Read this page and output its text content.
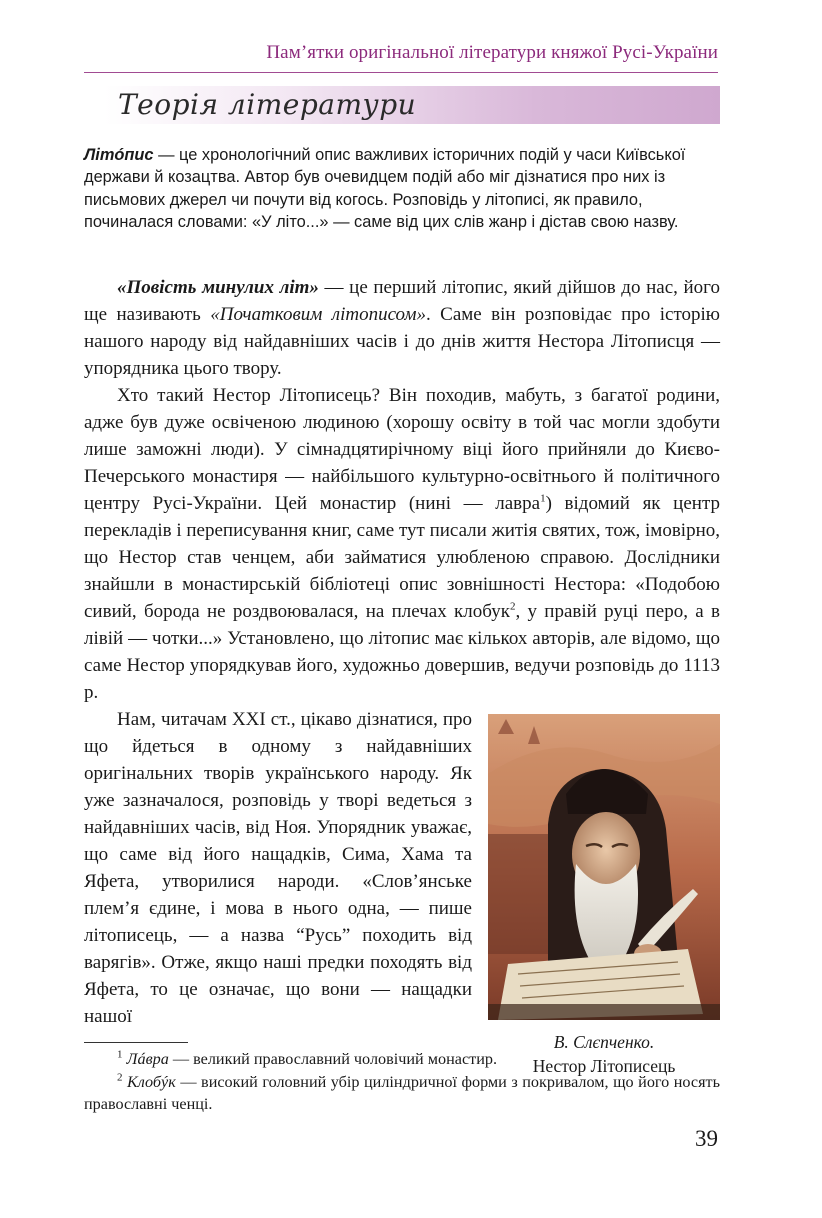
Пам’ятки оригінальної літератури княжої Русі-України
Теорія літератури
Літóпис — це хронологічний опис важливих історичних подій у часи Київської держави й козацтва. Автор був очевидцем подій або міг дізнатися про них із письмових джерел чи почути від когось. Розповідь у літописі, як правило, починалася словами: «У літо...» — саме від цих слів жанр і дістав свою назву.

«Повість минулих літ» — це перший літопис, який дійшов до нас, його ще називають «Початковим літописом». Саме він розповідає про історію нашого народу від найдавніших часів і до днів життя Нестора Літописця — упорядника цього твору.

Хто такий Нестор Літописець? Він походив, мабуть, з багатої родини, адже був дуже освіченою людиною (хорошу освіту в той час могли здобути лише заможні люди). У сімнадцятирічному віці його прийняли до Києво-Печерського монастиря — найбільшого культурно-освітнього й політичного центру Русі-України. Цей монастир (нині — лавра$^1$) відомий як центр перекладів і переписування книг, саме тут писали житія святих, тож, імовірно, що Нестор став ченцем, аби займатися улюбленою справою. Дослідники знайшли в монастирській бібліотеці опис зовнішності Нестора: «Подобою сивий, борода не роздвоювалася, на плечах клобук$^2$, у правій руці перо, а в лівій — чотки...» Установлено, що літопис має кількох авторів, але відомо, що саме Нестор упорядкував його, художньо довершив, ведучи розповідь до 1113 р.

В. Слєпченко.
Нестор Літописець

Нам, читачам XXI ст., цікаво дізнатися, про що йдеться в одному з найдавніших оригінальних творів українського народу. Як уже зазначалося, розповідь у творі ведеться з найдавніших часів, від Ноя. Упорядник уважає, що саме від його нащадків, Сима, Хама та Яфета, утворилися народи. «Слов’янське плем’я єдине, і мова в нього одна, — пише літописець, — а назва “Русь” походить від варягів». Отже, якщо наші предки походять від Яфета, то це означає, що вони — нащадки нашої

$^1$ Лáвра — великий православний чоловічий монастир.

$^2$ Клобýк — високий головний убір циліндричної форми з покривалом, що його носять православні ченці.

39
